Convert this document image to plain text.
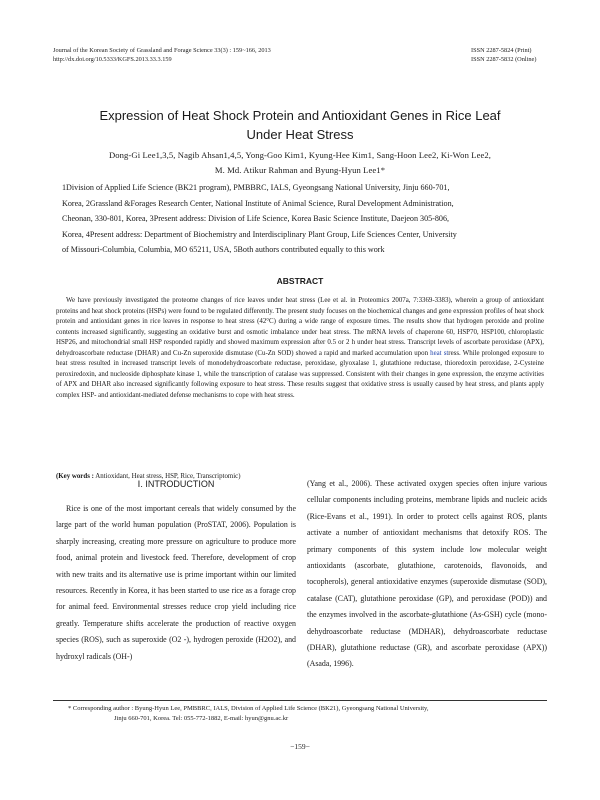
Journal of the Korean Society of Grassland and Forage Science 33(3) : 159~166, 2013
http://dx.doi.org/10.5333/KGFS.2013.33.3.159
ISSN 2287-5824 (Print)
ISSN 2287-5832 (Online)
Expression of Heat Shock Protein and Antioxidant Genes in Rice Leaf
Under Heat Stress
Dong-Gi Lee1,3,5, Nagib Ahsan1,4,5, Yong-Goo Kim1, Kyung-Hee Kim1, Sang-Hoon Lee2, Ki-Won Lee2,
M. Md. Atikur Rahman and Byung-Hyun Lee1*
1Division of Applied Life Science (BK21 program), PMBBRC, IALS, Gyeongsang National University, Jinju 660-701,
Korea, 2Grassland &Forages Research Center, National Institute of Animal Science, Rural Development Administration,
Cheonan, 330-801, Korea, 3Present address: Division of Life Science, Korea Basic Science Institute, Daejeon 305-806,
Korea, 4Present address: Department of Biochemistry and Interdisciplinary Plant Group, Life Sciences Center, University
of Missouri-Columbia, Columbia, MO 65211, USA, 5Both authors contributed equally to this work
ABSTRACT

We have previously investigated the proteome changes of rice leaves under heat stress (Lee et al. in Proteomics 2007a, 7:3369-3383), wherein a group of antioxidant proteins and heat shock proteins (HSPs) were found to be regulated differently. The present study focuses on the biochemical changes and gene expression profiles of heat shock protein and antioxidant genes in rice leaves in response to heat stress (42°C) during a wide range of exposure times. The results show that hydrogen peroxide and proline contents increased significantly, suggesting an oxidative burst and osmotic imbalance under heat stress. The mRNA levels of chaperone 60, HSP70, HSP100, chloroplastic HSP26, and mitochondrial small HSP responded rapidly and showed maximum expression after 0.5 or 2 h under heat stress. Transcript levels of ascorbate peroxidase (APX), dehydroascorbate reductase (DHAR) and Cu-Zn superoxide dismutase (Cu-Zn SOD) showed a rapid and marked accumulation upon heat stress. While prolonged exposure to heat stress resulted in increased transcript levels of monodehydroascorbate reductase, peroxidase, glyoxalase 1, glutathione reductase, thioredoxin peroxidase, 2-Cysteine peroxiredoxin, and nucleoside diphosphate kinase 1, while the transcription of catalase was suppressed. Consistent with their changes in gene expression, the enzyme activities of APX and DHAR also increased significantly following exposure to heat stress. These results suggest that oxidative stress is usually caused by heat stress, and plants apply complex HSP- and antioxidant-mediated defense mechanisms to cope with heat stress.

(Key words : Antioxidant, Heat stress, HSP, Rice, Transcriptomic)
Ⅰ. INTRODUCTION

Rice is one of the most important cereals that widely consumed by the large part of the world human population (ProSTAT, 2006). Population is sharply increasing, creating more pressure on agriculture to produce more food, animal protein and livestock feed. Therefore, development of crop with new traits and its alternative use is prime important within our limited resources. Recently in Korea, it has been started to use rice as a forage crop for animal feed. Environmental stresses reduce crop yield including rice greatly. Temperature shifts accelerate the production of reactive oxygen species (ROS), such as superoxide (O2 -), hydrogen peroxide (H2O2), and hydroxyl radicals (OH-)

(Yang et al., 2006). These activated oxygen species often injure various cellular components including proteins, membrane lipids and nucleic acids (Rice-Evans et al., 1991). In order to protect cells against ROS, plants activate a number of antioxidant mechanisms that detoxify ROS. The primary components of this system include low molecular weight antioxidants (ascorbate, glutathione, carotenoids, flavonoids, and tocopherols), general antioxidative enzymes (superoxide dismutase (SOD), catalase (CAT), glutathione peroxidase (GP), and peroxidase (POD)) and the enzymes involved in the ascorbate-glutathione (As-GSH) cycle (mono-dehydroascorbate reductase (MDHAR), dehydroascorbate reductase (DHAR), glutathione reductase (GR), and ascorbate peroxidase (APX)) (Asada, 1996).

* Corresponding author : Byung-Hyun Lee, PMBBRC, IALS, Division of Applied Life Science (BK21), Gyeongsang National University,
Jinju 660-701, Korea. Tel: 055-772-1882, E-mail: hyun@gnu.ac.kr
−159−
